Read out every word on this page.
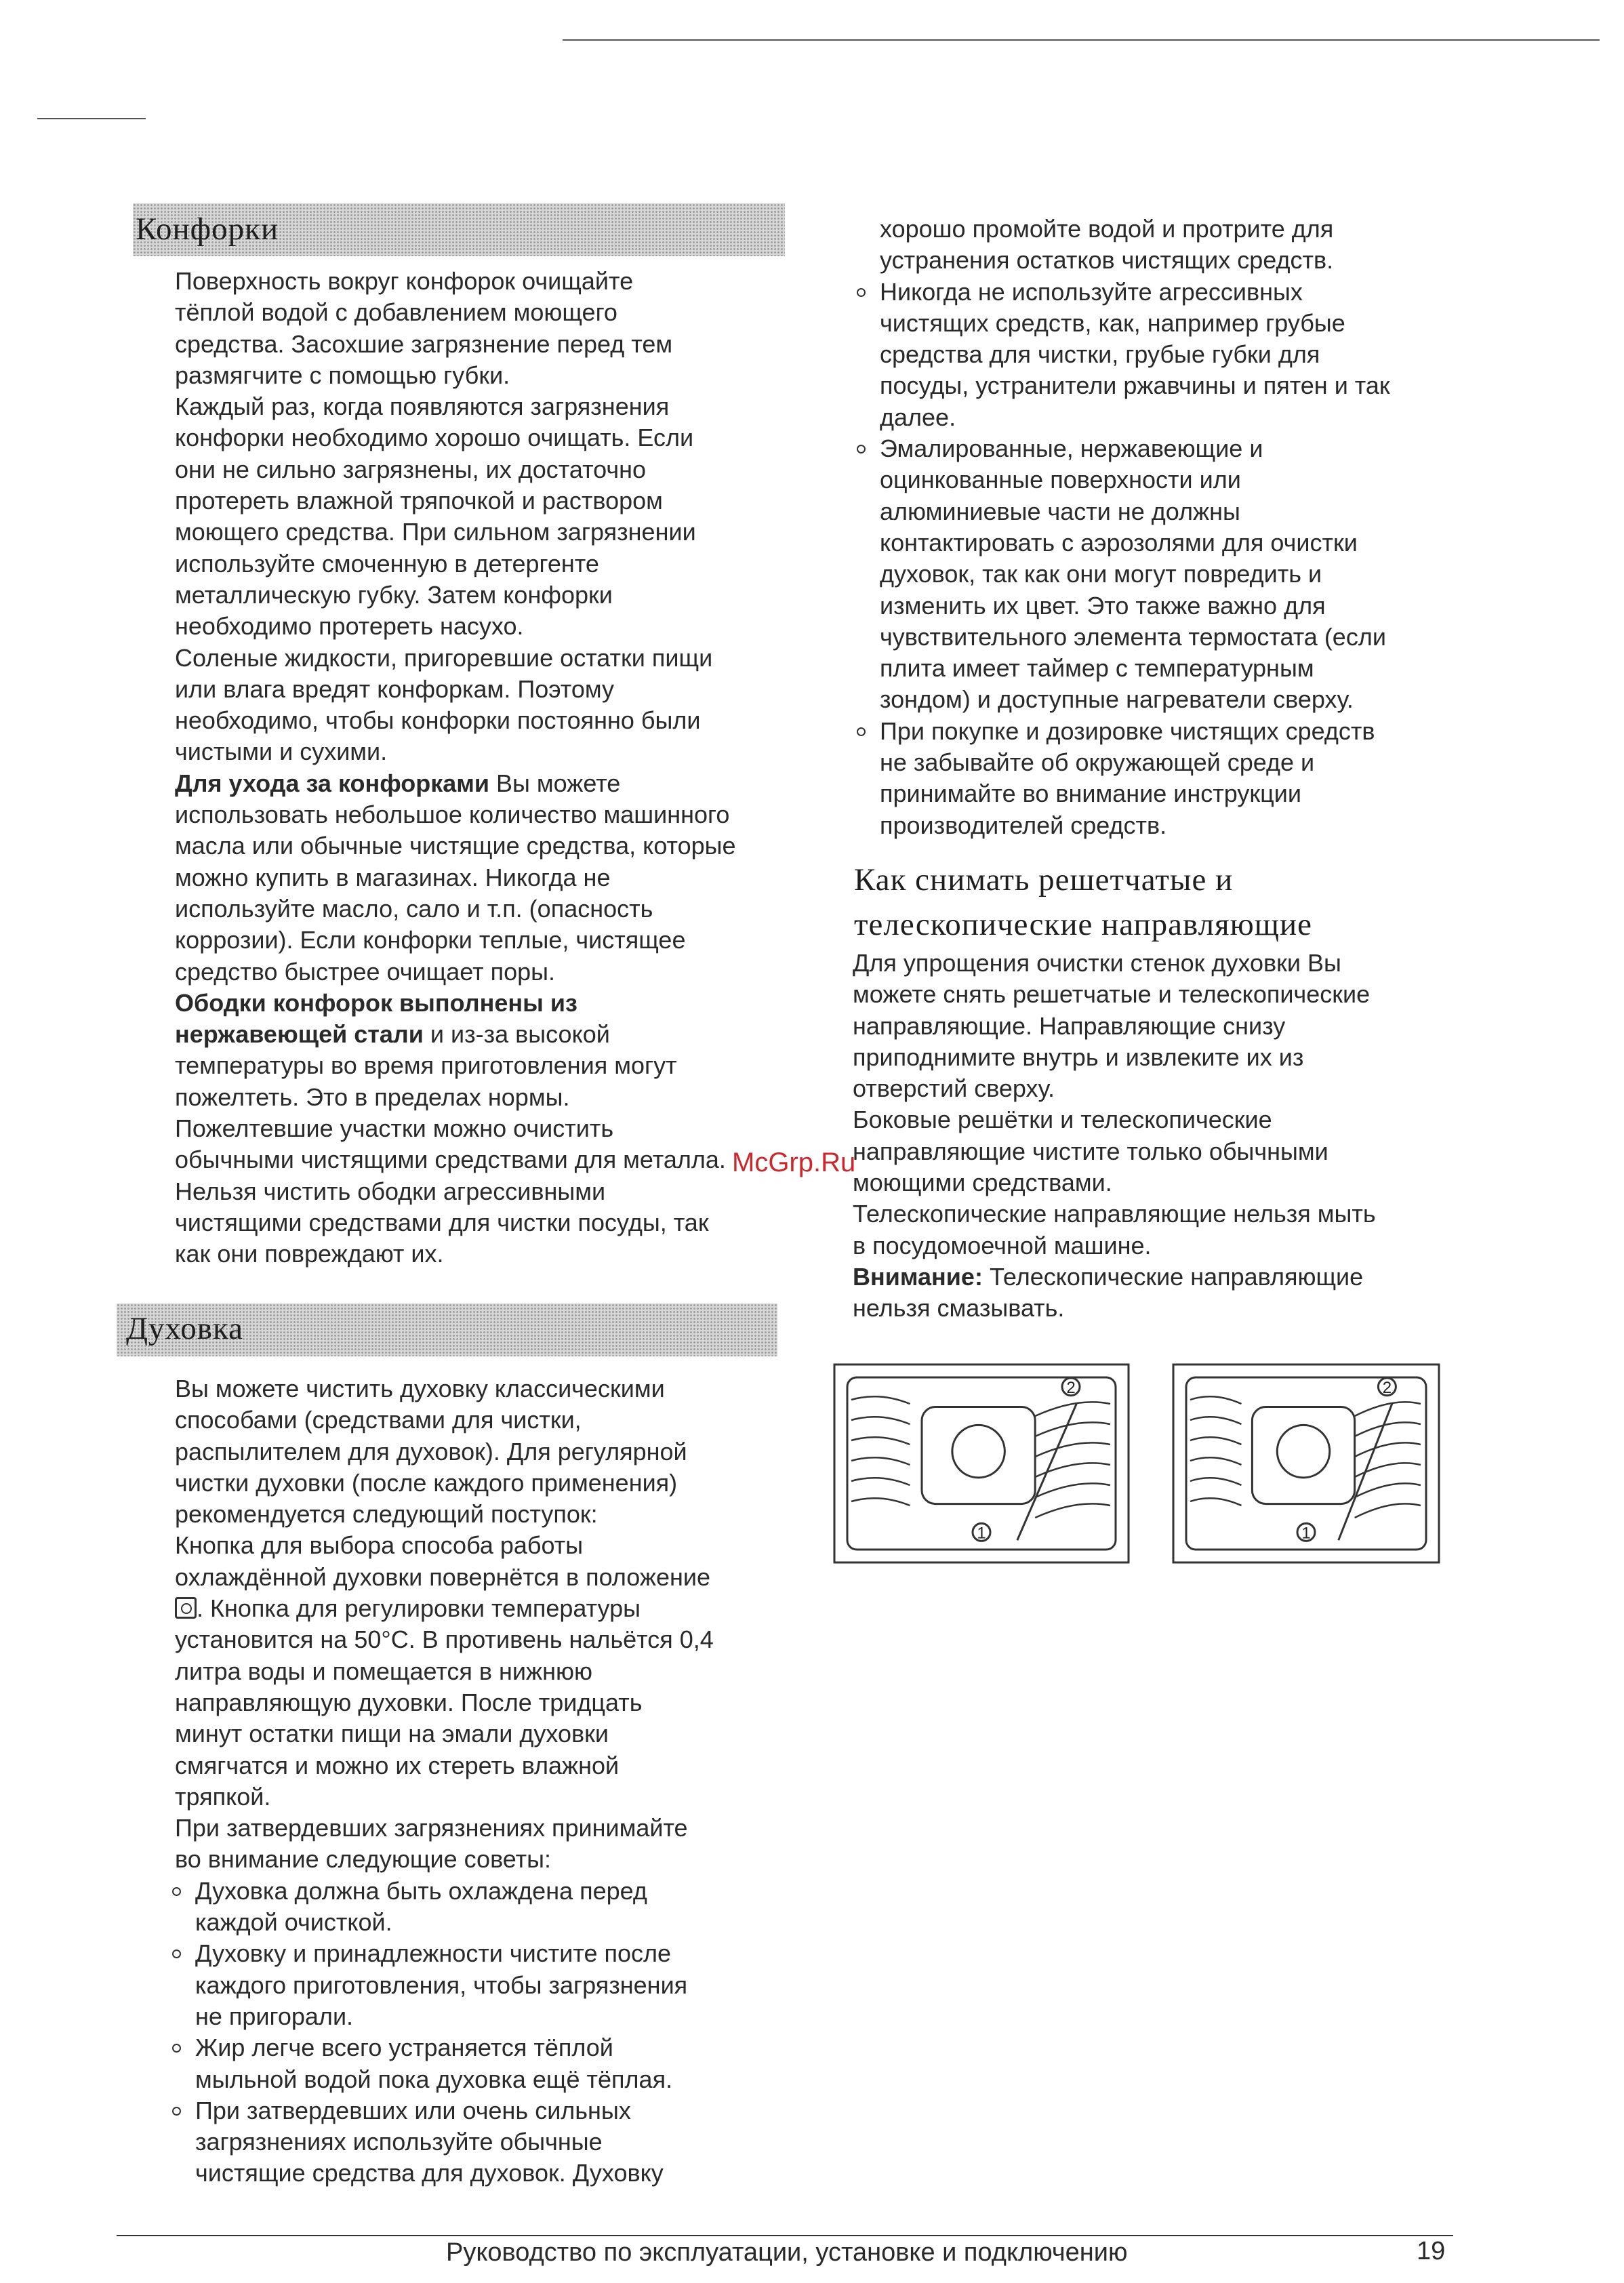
Конфорки

Поверхность вокруг конфорок очищайте

тёплой водой с добавлением моющего

средства. Засохшие загрязнение перед тем

размягчите с помощью губки.

Каждый раз, когда появляются загрязнения

конфорки необходимо хорошо очищать. Если

они не сильно загрязнены, их достаточно

протереть влажной тряпочкой и раствором

моющего средства. При сильном загрязнении

используйте смоченную в детергенте

металлическую губку. Затем конфорки

необходимо протереть насухо.

Соленые жидкости, пригоревшие остатки пищи

или влага вредят конфоркам. Поэтому

необходимо, чтобы конфорки постоянно были

чистыми и сухими.

Для ухода за конфорками Вы можете

использовать небольшое количество машинного

масла или обычные чистящие средства, которые

можно купить в магазинах. Никогда не

используйте масло, сало и т.п. (опасность

коррозии). Если конфорки теплые, чистящее

средство быстрее очищает поры.

Ободки конфорок выполнены из

нержавеющей стали и из-за высокой

температуры во время приготовления могут

пожелтеть. Это в пределах нормы.

Пожелтевшие участки можно очистить

обычными чистящими средствами для металла.

Нельзя чистить ободки агрессивными

чистящими средствами для чистки посуды, так

как они повреждают их.

Духовка

Вы можете чистить духовку классическими

способами (средствами для чистки,

распылителем для духовок). Для регулярной

чистки духовки (после каждого применения)

рекомендуется следующий поступок:

Кнопка для выбора способа работы

охлаждённой духовки повернётся в положение

. Кнопка для регулировки температуры

установится на 50°С. В противень нальётся 0,4

литра воды и помещается в нижнюю

направляющую духовки. После тридцать

минут остатки пищи на эмали духовки

смягчатся и можно их стереть влажной

тряпкой.

При затвердевших загрязнениях принимайте

во внимание следующие советы:

Духовка должна быть охлаждена перед

каждой очисткой.

Духовку и принадлежности чистите после

каждого приготовления, чтобы загрязнения

не пригорали.

Жир легче всего устраняется тёплой

мыльной водой пока духовка ещё тёплая.

При затвердевших или очень сильных

загрязнениях используйте обычные

чистящие средства для духовок. Духовку

хорошо промойте водой и протрите для

устранения остатков чистящих средств.

Никогда не используйте агрессивных

чистящих средств, как, например грубые

средства для чистки, грубые губки для

посуды, устранители ржавчины и пятен и так

далее.

Эмалированные, нержавеющие и

оцинкованные поверхности или

алюминиевые части не должны

контактировать с аэрозолями для очистки

духовок, так как они могут повредить и

изменить их цвет. Это также важно для

чувствительного элемента термостата (если

плита имеет таймер с температурным

зондом) и доступные нагреватели сверху.

При покупке и дозировке чистящих средств

не забывайте об окружающей среде и

принимайте во внимание инструкции

производителей средств.

Как снимать решетчатые и
телескопические направляющие

Для упрощения очистки стенок духовки Вы

можете снять решетчатые и телескопические

направляющие. Направляющие снизу

приподнимите внутрь и извлеките их из

отверстий сверху.

Боковые решётки и телескопические

направляющие чистите только обычными

моющими средствами.

Телескопические направляющие нельзя мыть

в посудомоечной машине.

Внимание: Телескопические направляющие

нельзя смазывать.

McGrp.Ru
1
2
1
2
Руководство по эксплуатации, установке и подключению	19
